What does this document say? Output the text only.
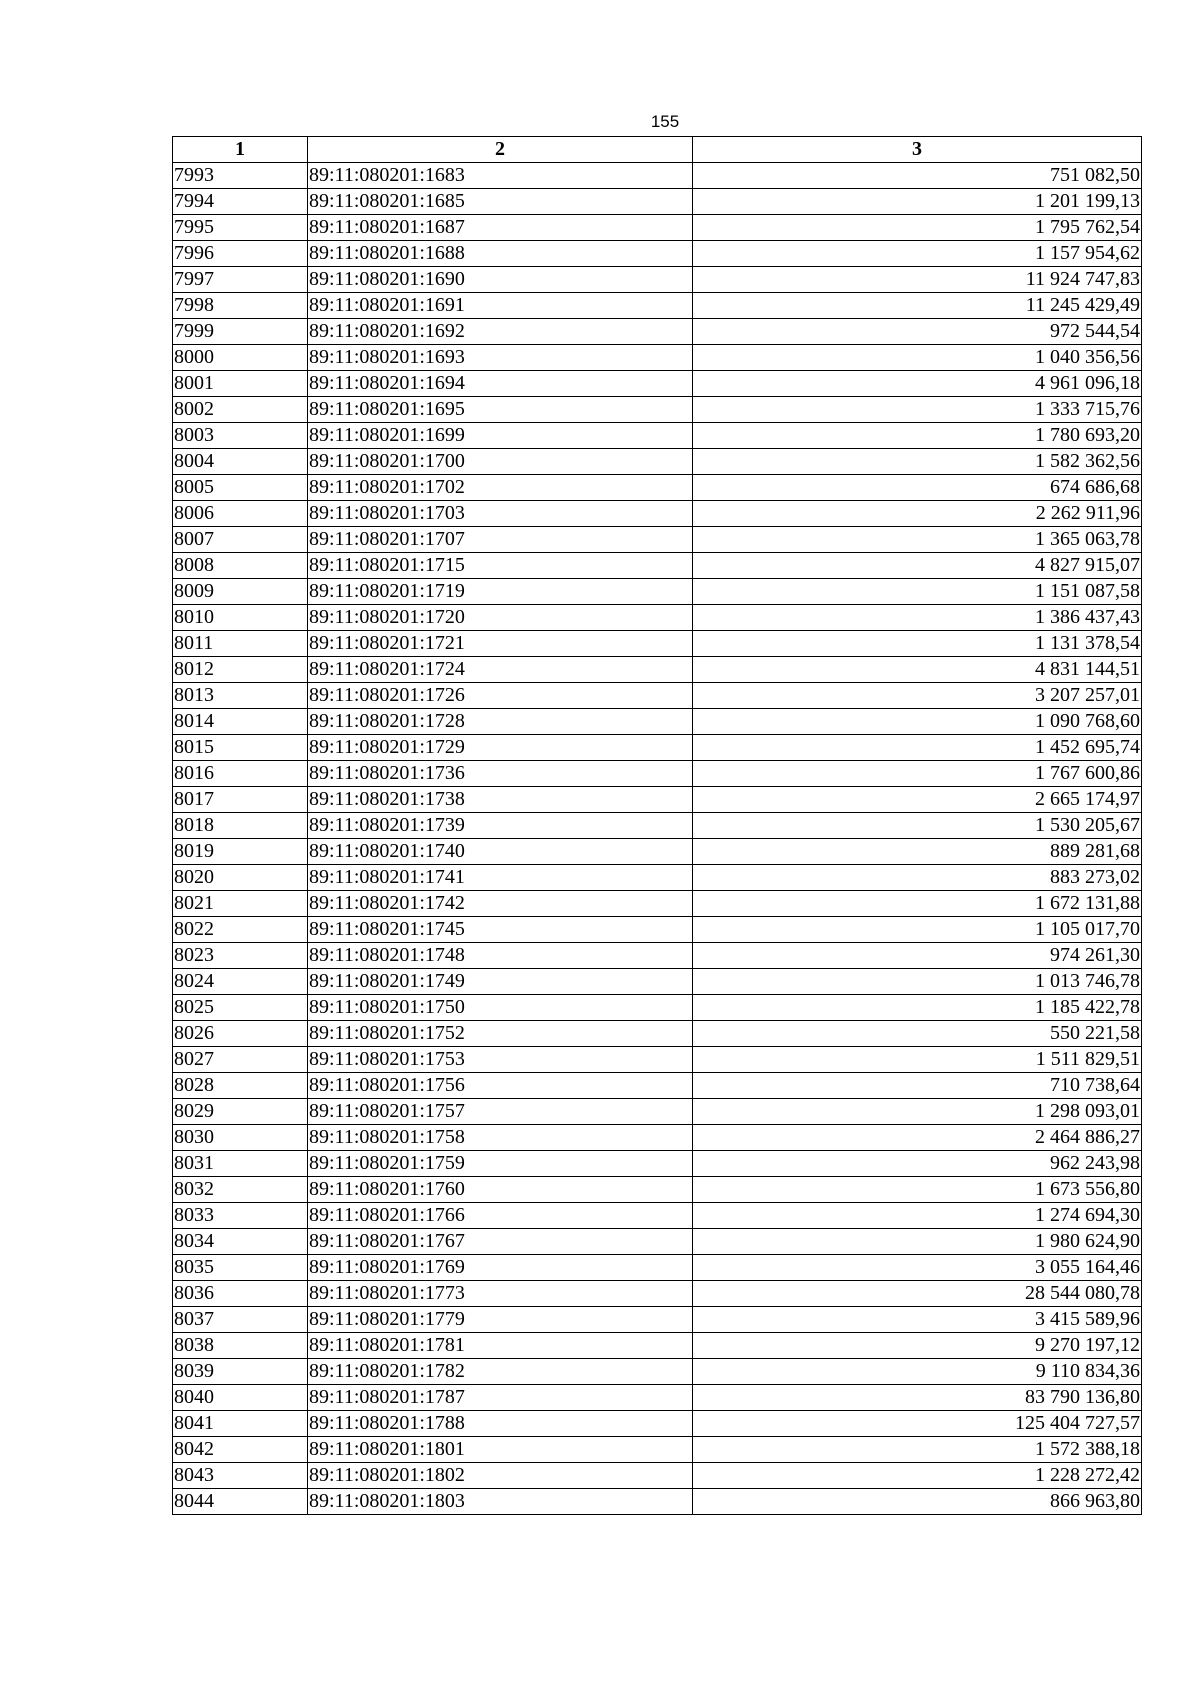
155
1	2	3
7993	89:11:080201:1683	751 082,50
7994	89:11:080201:1685	1 201 199,13
7995	89:11:080201:1687	1 795 762,54
7996	89:11:080201:1688	1 157 954,62
7997	89:11:080201:1690	11 924 747,83
7998	89:11:080201:1691	11 245 429,49
7999	89:11:080201:1692	972 544,54
8000	89:11:080201:1693	1 040 356,56
8001	89:11:080201:1694	4 961 096,18
8002	89:11:080201:1695	1 333 715,76
8003	89:11:080201:1699	1 780 693,20
8004	89:11:080201:1700	1 582 362,56
8005	89:11:080201:1702	674 686,68
8006	89:11:080201:1703	2 262 911,96
8007	89:11:080201:1707	1 365 063,78
8008	89:11:080201:1715	4 827 915,07
8009	89:11:080201:1719	1 151 087,58
8010	89:11:080201:1720	1 386 437,43
8011	89:11:080201:1721	1 131 378,54
8012	89:11:080201:1724	4 831 144,51
8013	89:11:080201:1726	3 207 257,01
8014	89:11:080201:1728	1 090 768,60
8015	89:11:080201:1729	1 452 695,74
8016	89:11:080201:1736	1 767 600,86
8017	89:11:080201:1738	2 665 174,97
8018	89:11:080201:1739	1 530 205,67
8019	89:11:080201:1740	889 281,68
8020	89:11:080201:1741	883 273,02
8021	89:11:080201:1742	1 672 131,88
8022	89:11:080201:1745	1 105 017,70
8023	89:11:080201:1748	974 261,30
8024	89:11:080201:1749	1 013 746,78
8025	89:11:080201:1750	1 185 422,78
8026	89:11:080201:1752	550 221,58
8027	89:11:080201:1753	1 511 829,51
8028	89:11:080201:1756	710 738,64
8029	89:11:080201:1757	1 298 093,01
8030	89:11:080201:1758	2 464 886,27
8031	89:11:080201:1759	962 243,98
8032	89:11:080201:1760	1 673 556,80
8033	89:11:080201:1766	1 274 694,30
8034	89:11:080201:1767	1 980 624,90
8035	89:11:080201:1769	3 055 164,46
8036	89:11:080201:1773	28 544 080,78
8037	89:11:080201:1779	3 415 589,96
8038	89:11:080201:1781	9 270 197,12
8039	89:11:080201:1782	9 110 834,36
8040	89:11:080201:1787	83 790 136,80
8041	89:11:080201:1788	125 404 727,57
8042	89:11:080201:1801	1 572 388,18
8043	89:11:080201:1802	1 228 272,42
8044	89:11:080201:1803	866 963,80
